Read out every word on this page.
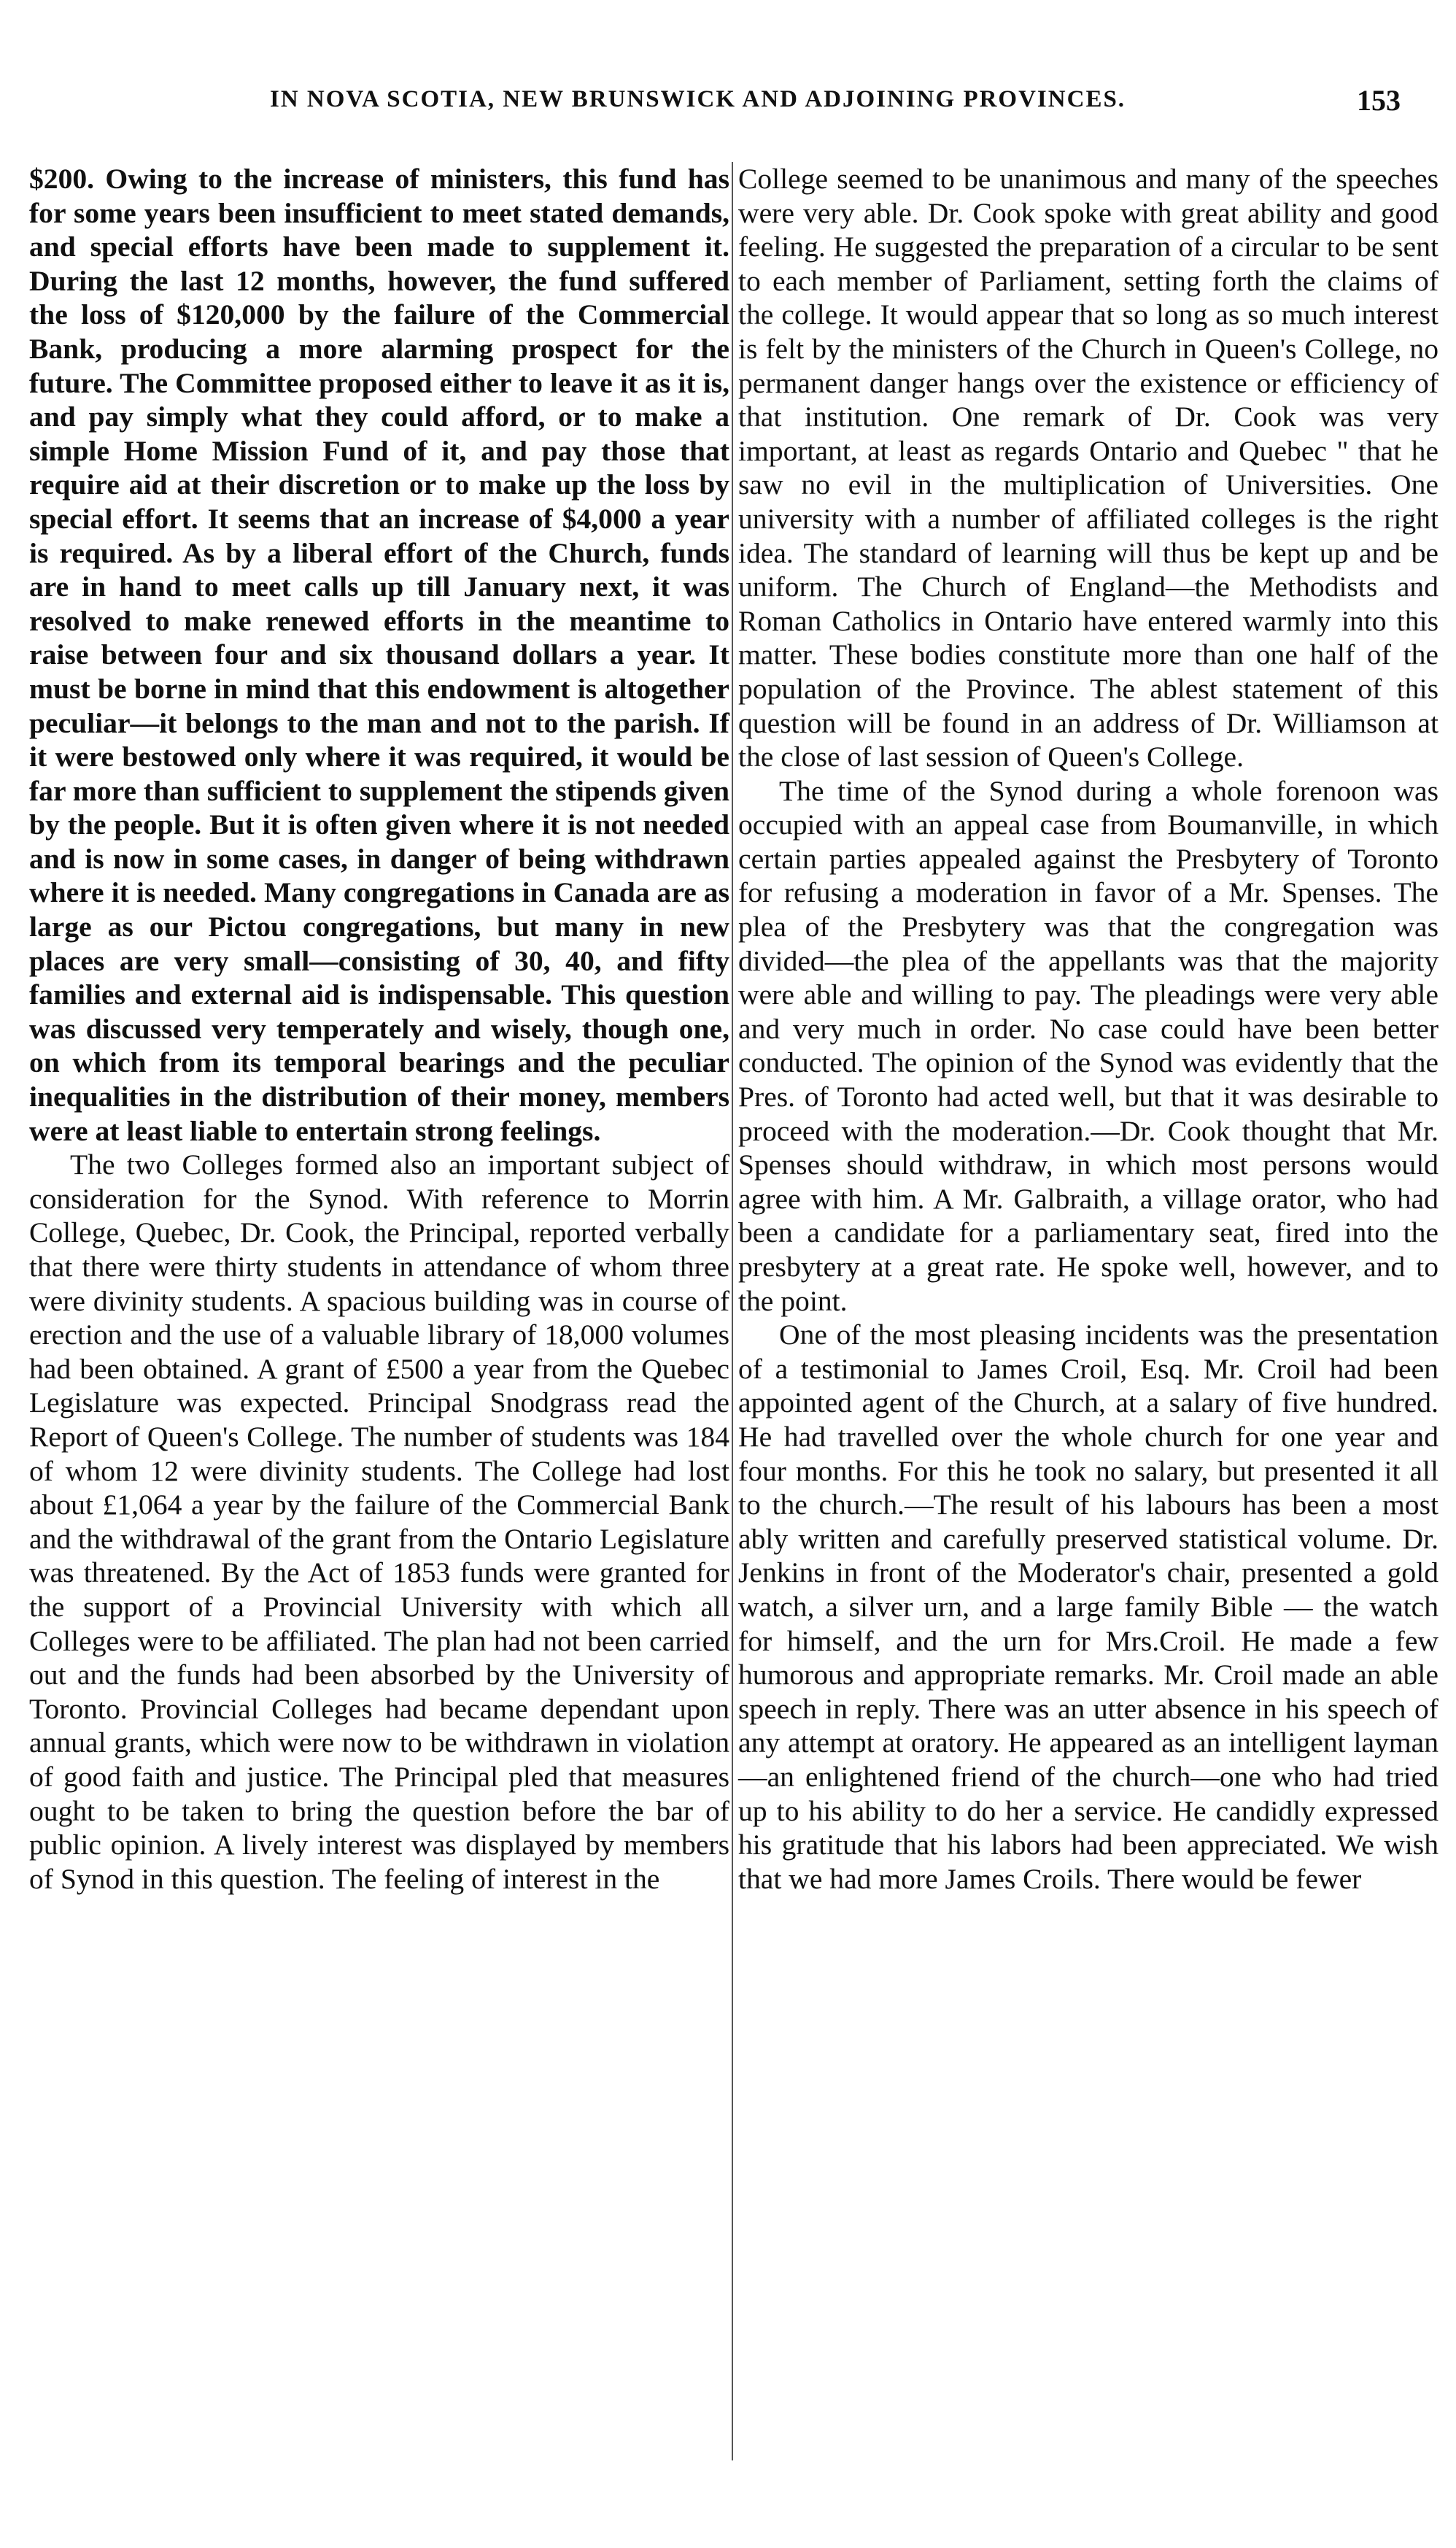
IN NOVA SCOTIA, NEW BRUNSWICK AND ADJOINING PROVINCES.	153

$200. Owing to the increase of ministers, this fund has for some years been insufficient to meet stated demands, and special efforts have been made to supplement it. During the last 12 months, however, the fund suffered the loss of $120,000 by the failure of the Commercial Bank, producing a more alarming prospect for the future. The Committee proposed either to leave it as it is, and pay simply what they could afford, or to make a simple Home Mission Fund of it, and pay those that require aid at their discretion or to make up the loss by special effort. It seems that an increase of $4,000 a year is required. As by a liberal effort of the Church, funds are in hand to meet calls up till January next, it was resolved to make renewed efforts in the meantime to raise between four and six thousand dollars a year. It must be borne in mind that this endowment is altogether peculiar—it belongs to the man and not to the parish. If it were bestowed only where it was required, it would be far more than sufficient to supplement the stipends given by the people. But it is often given where it is not needed and is now in some cases, in danger of being withdrawn where it is needed. Many congregations in Canada are as large as our Pictou congregations, but many in new places are very small—consisting of 30, 40, and fifty families and external aid is indispensable. This question was discussed very temperately and wisely, though one, on which from its temporal bearings and the peculiar inequalities in the distribution of their money, members were at least liable to entertain strong feelings.

The two Colleges formed also an important subject of consideration for the Synod. With reference to Morrin College, Quebec, Dr. Cook, the Principal, reported verbally that there were thirty students in attendance of whom three were divinity students. A spacious building was in course of erection and the use of a valuable library of 18,000 volumes had been obtained. A grant of £500 a year from the Quebec Legislature was expected. Principal Snodgrass read the Report of Queen's College. The number of students was 184 of whom 12 were divinity students. The College had lost about £1,064 a year by the failure of the Commercial Bank and the withdrawal of the grant from the Ontario Legislature was threatened. By the Act of 1853 funds were granted for the support of a Provincial University with which all Colleges were to be affiliated. The plan had not been carried out and the funds had been absorbed by the University of Toronto. Provincial Colleges had became dependant upon annual grants, which were now to be withdrawn in violation of good faith and justice. The Principal pled that measures ought to be taken to bring the question before the bar of public opinion. A lively interest was displayed by members of Synod in this question. The feeling of interest in the

College seemed to be unanimous and many of the speeches were very able. Dr. Cook spoke with great ability and good feeling. He suggested the preparation of a circular to be sent to each member of Parliament, setting forth the claims of the college. It would appear that so long as so much interest is felt by the ministers of the Church in Queen's College, no permanent danger hangs over the existence or efficiency of that institution. One remark of Dr. Cook was very important, at least as regards Ontario and Quebec " that he saw no evil in the multiplication of Universities. One university with a number of affiliated colleges is the right idea. The standard of learning will thus be kept up and be uniform. The Church of England—the Methodists and Roman Catholics in Ontario have entered warmly into this matter. These bodies constitute more than one half of the population of the Province. The ablest statement of this question will be found in an address of Dr. Williamson at the close of last session of Queen's College.

The time of the Synod during a whole forenoon was occupied with an appeal case from Boumanville, in which certain parties appealed against the Presbytery of Toronto for refusing a moderation in favor of a Mr. Spenses. The plea of the Presbytery was that the congregation was divided—the plea of the appellants was that the majority were able and willing to pay. The pleadings were very able and very much in order. No case could have been better conducted. The opinion of the Synod was evidently that the Pres. of Toronto had acted well, but that it was desirable to proceed with the moderation.—Dr. Cook thought that Mr. Spenses should withdraw, in which most persons would agree with him. A Mr. Galbraith, a village orator, who had been a candidate for a parliamentary seat, fired into the presbytery at a great rate. He spoke well, however, and to the point.

One of the most pleasing incidents was the presentation of a testimonial to James Croil, Esq. Mr. Croil had been appointed agent of the Church, at a salary of five hundred. He had travelled over the whole church for one year and four months. For this he took no salary, but presented it all to the church.—The result of his labours has been a most ably written and carefully preserved statistical volume. Dr. Jenkins in front of the Moderator's chair, presented a gold watch, a silver urn, and a large family Bible — the watch for himself, and the urn for Mrs.Croil. He made a few humorous and appropriate remarks. Mr. Croil made an able speech in reply. There was an utter absence in his speech of any attempt at oratory. He appeared as an intelligent layman—an enlightened friend of the church—one who had tried up to his ability to do her a service. He candidly expressed his gratitude that his labors had been appreciated. We wish that we had more James Croils. There would be fewer
